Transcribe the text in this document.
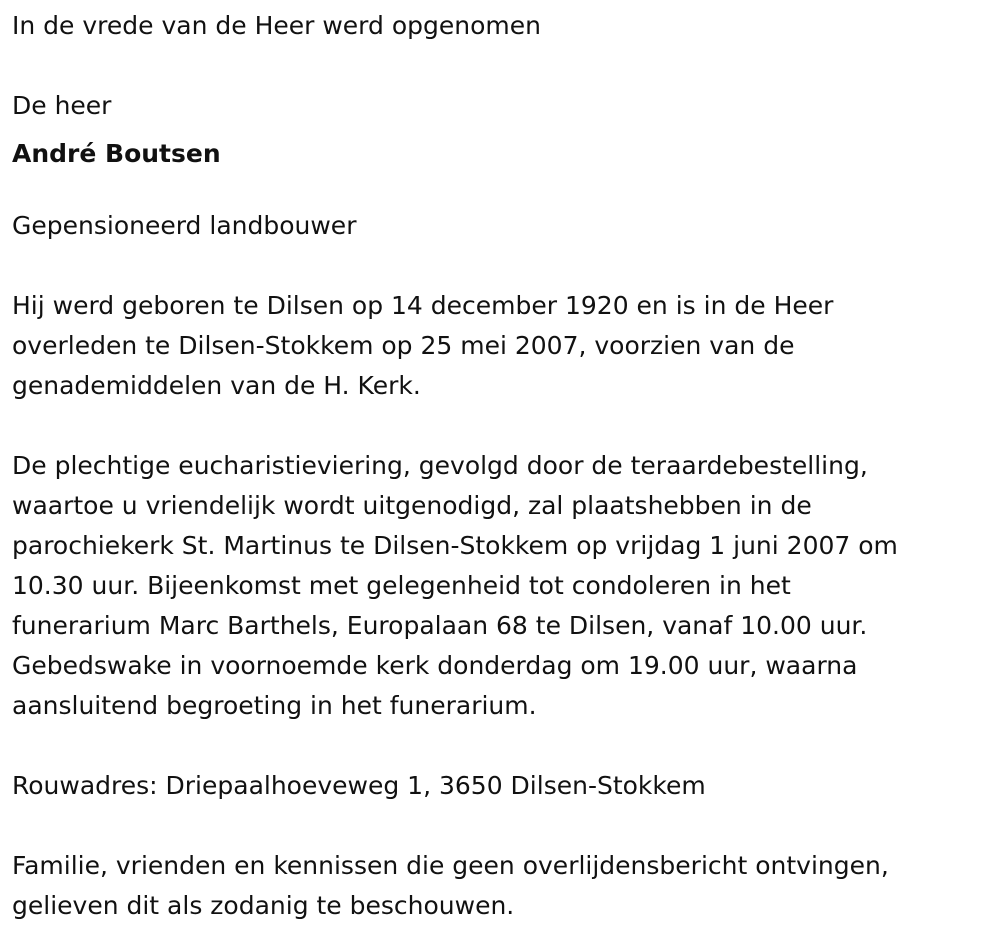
In de vrede van de Heer werd opgenomen
De heer
André Boutsen
Gepensioneerd landbouwer
Hij werd geboren te Dilsen op 14 december 1920 en is in de Heer
overleden te Dilsen-Stokkem op 25 mei 2007, voorzien van de
genademiddelen van de H. Kerk.
De plechtige eucharistieviering, gevolgd door de teraardebestelling,
waartoe u vriendelijk wordt uitgenodigd, zal plaatshebben in de
parochiekerk St. Martinus te Dilsen-Stokkem op vrijdag 1 juni 2007 om
10.30 uur. Bijeenkomst met gelegenheid tot condoleren in het
funerarium Marc Barthels, Europalaan 68 te Dilsen, vanaf 10.00 uur.
Gebedswake in voornoemde kerk donderdag om 19.00 uur, waarna
aansluitend begroeting in het funerarium.
Rouwadres: Driepaalhoeveweg 1, 3650 Dilsen-Stokkem
Familie, vrienden en kennissen die geen overlijdensbericht ontvingen,
gelieven dit als zodanig te beschouwen.
